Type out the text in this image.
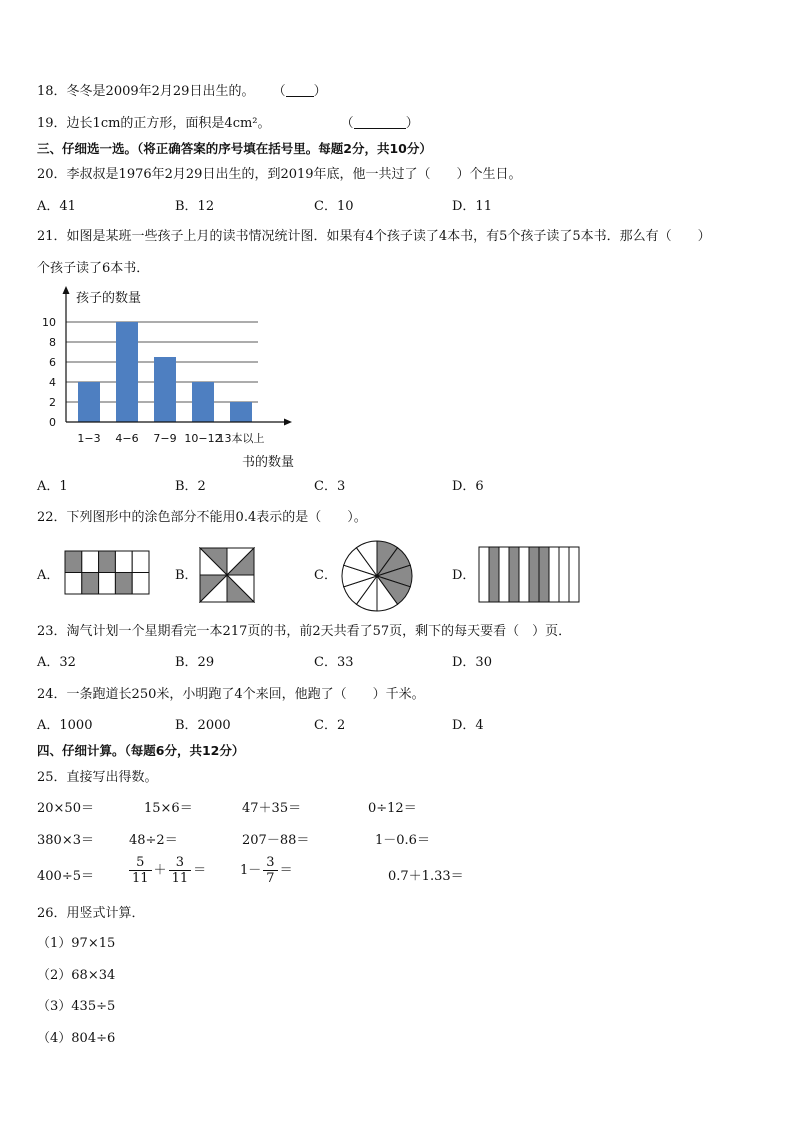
18．冬冬是2009年2月29日出生的。 （ ）
19．边长1cm的正方形，面积是4cm²。	（	）
三、仔细选一选。（将正确答案的序号填在括号里。每题2分，共10分）
20．李叔叔是1976年2月29日出生的，到2019年底，他一共过了（　　）个生日。
A．41	B．12	C．10	D．11
21．如图是某班一些孩子上月的读书情况统计图．如果有4个孩子读了4本书，有5个孩子读了5本书．那么有（　　）
个孩子读了6本书．
0
2
4
6
8
10
1−3 4−6 7−9 10−12
13本以上
孩子的数量
书的数量
A．1	B．2	C．3	D．6
22．下列图形中的涂色部分不能用0.4表示的是（　　）。
A．	B．	C．	D．
23．淘气计划一个星期看完一本217页的书，前2天共看了57页，剩下的每天要看（　）页．
A．32	B．29	C．33	D．30
24．一条跑道长250米，小明跑了4个来回，他跑了（　　）千米。
A．1000	B．2000	C．2	D．4
四、仔细计算。（每题6分，共12分）
25．直接写出得数。
20×50＝	15×6＝	47＋35＝	0÷12＝
380×3＝	48÷2＝	207－88＝	1－0.6＝
400÷5＝	$\frac{5}{11} + \frac{3}{11}$ ＝	$1- \frac{3}{7}$ ＝	0.7＋1.33＝
26．用竖式计算．
（1）97×15
（2）68×34
（3）435÷5
（4）804÷6
